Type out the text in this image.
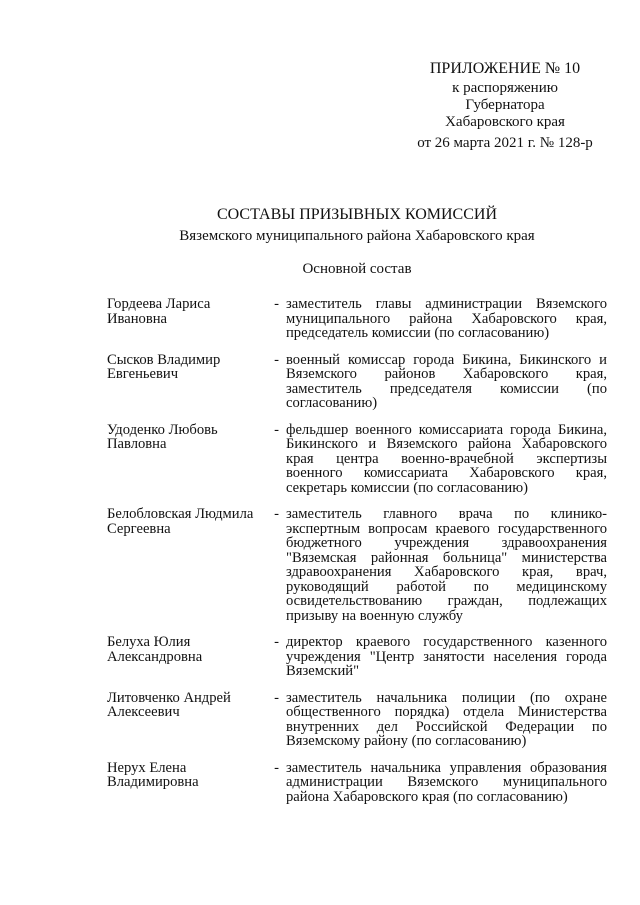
ПРИЛОЖЕНИЕ № 10
к распоряжению
Губернатора
Хабаровского края
от 26 марта 2021 г. № 128-р
СОСТАВЫ ПРИЗЫВНЫХ КОМИССИЙ
Вяземского муниципального района Хабаровского края
Основной состав
Гордеева Лариса Ивановна
- заместитель главы администрации Вяземского муниципального района Хабаровского края, председатель комиссии (по согласованию)
Сысков Владимир Евгеньевич
- военный комиссар города Бикина, Бикинского и Вяземского районов Хабаровского края, заместитель председателя комиссии (по согласованию)
Удоденко Любовь Павловна
- фельдшер военного комиссариата города Бикина, Бикинского и Вяземского района Хабаровского края центра военно-врачебной экспертизы военного комиссариата Хабаровского края, секретарь комиссии (по согласованию)
Белобловская Людмила Сергеевна
- заместитель главного врача по клинико-экспертным вопросам краевого государственного бюджетного учреждения здравоохранения "Вяземская районная больница" министерства здравоохранения Хабаровского края, врач, руководящий работой по медицинскому освидетельствованию граждан, подлежащих призыву на военную службу
Белуха Юлия Александровна
- директор краевого государственного казенного учреждения "Центр занятости населения города Вяземский"
Литовченко Андрей Алексеевич
- заместитель начальника полиции (по охране общественного порядка) отдела Министерства внутренних дел Российской Федерации по Вяземскому району (по согласованию)
Нерух Елена Владимировна
- заместитель начальника управления образования администрации Вяземского муниципального района Хабаровского края (по согласованию)
